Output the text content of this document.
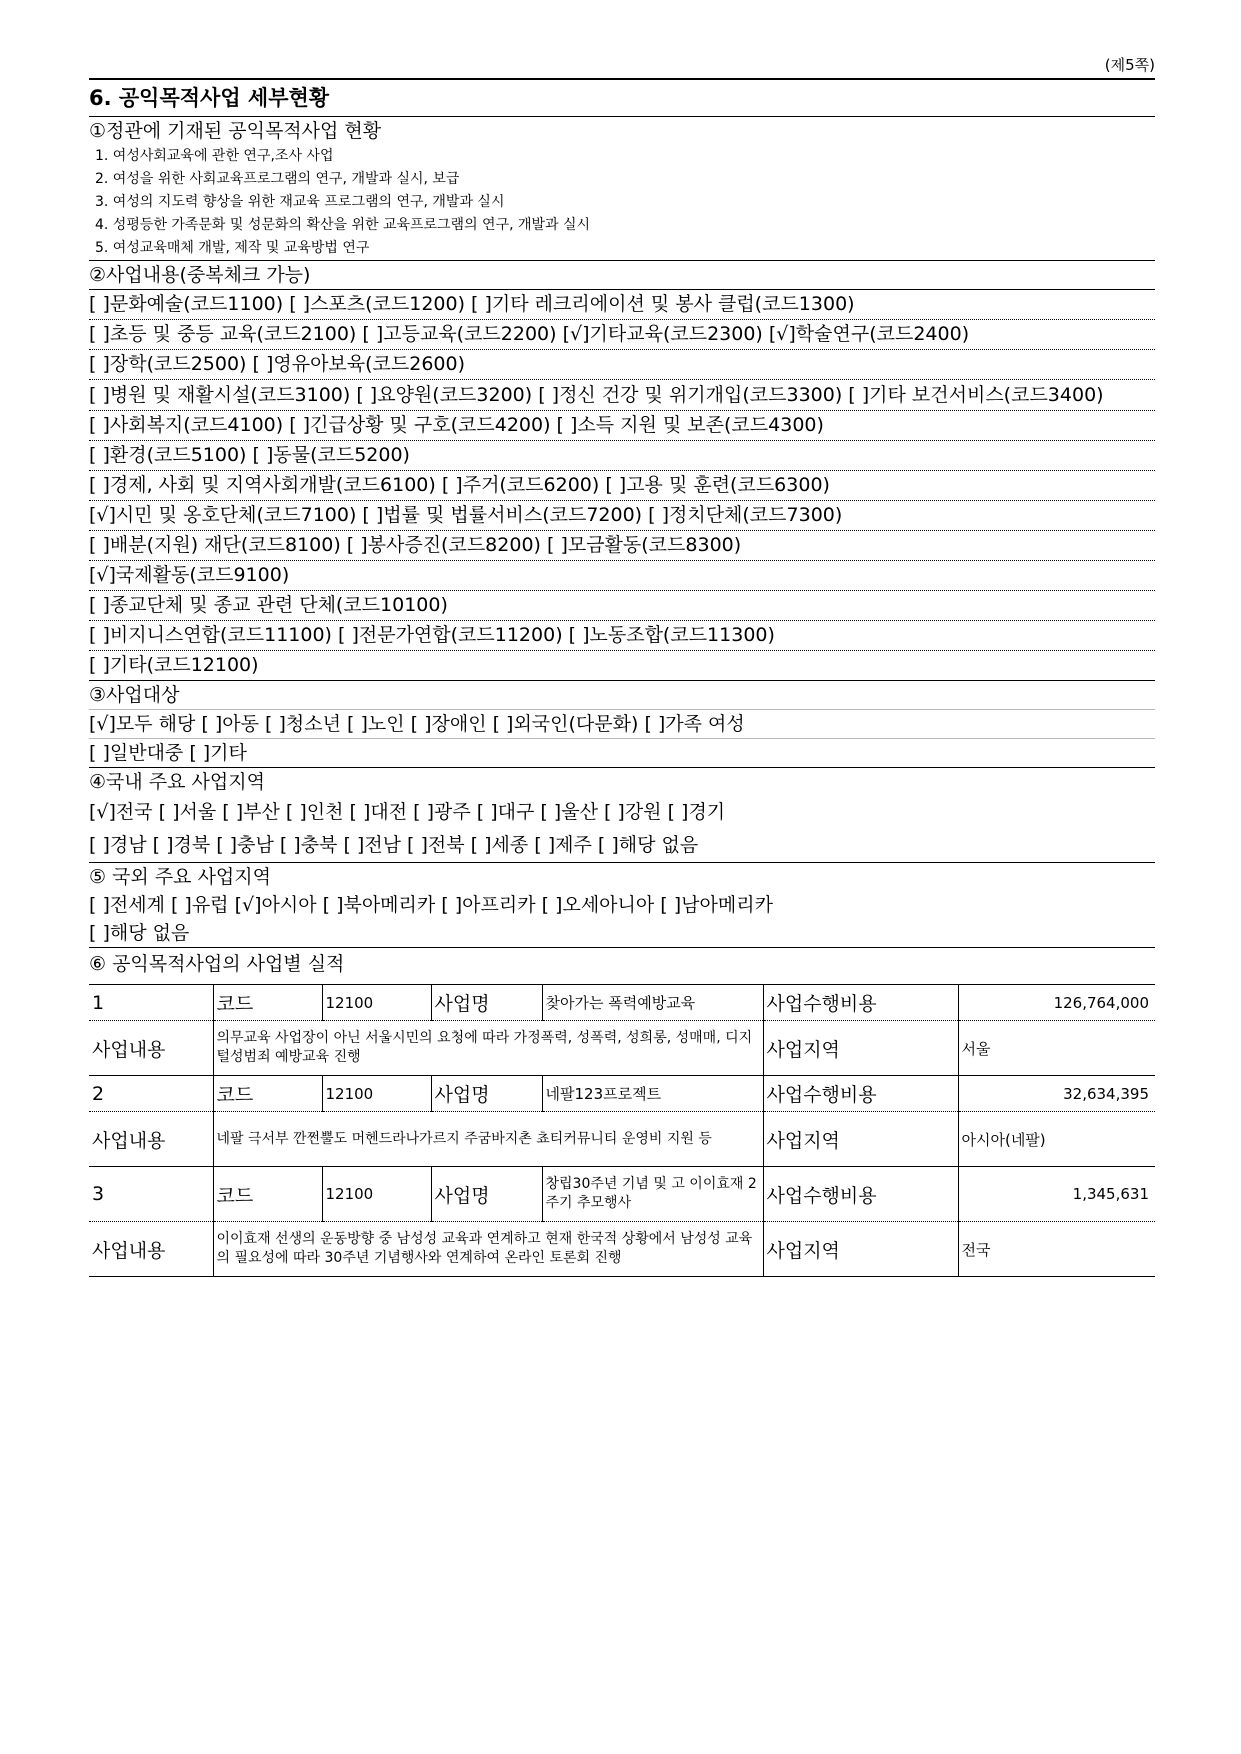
(제5쪽)
6. 공익목적사업 세부현황
①정관에 기재된 공익목적사업 현황
1. 여성사회교육에 관한 연구,조사 사업
2. 여성을 위한 사회교육프로그램의 연구, 개발과 실시, 보급
3. 여성의 지도력 향상을 위한 재교육 프로그램의 연구, 개발과 실시
4. 성평등한 가족문화 및 성문화의 확산을 위한 교육프로그램의 연구, 개발과 실시
5. 여성교육매체 개발, 제작 및 교육방법 연구
②사업내용(중복체크 가능)
[ ]문화예술(코드1100) [ ]스포츠(코드1200) [ ]기타 레크리에이션 및 봉사 클럽(코드1300)
[ ]초등 및 중등 교육(코드2100) [ ]고등교육(코드2200) [√]기타교육(코드2300) [√]학술연구(코드2400)
[ ]장학(코드2500) [ ]영유아보육(코드2600)
[ ]병원 및 재활시설(코드3100) [ ]요양원(코드3200) [ ]정신 건강 및 위기개입(코드3300) [ ]기타 보건서비스(코드3400)
[ ]사회복지(코드4100) [ ]긴급상황 및 구호(코드4200) [ ]소득 지원 및 보존(코드4300)
[ ]환경(코드5100) [ ]동물(코드5200)
[ ]경제, 사회 및 지역사회개발(코드6100) [ ]주거(코드6200) [ ]고용 및 훈련(코드6300)
[√]시민 및 옹호단체(코드7100) [ ]법률 및 법률서비스(코드7200) [ ]정치단체(코드7300)
[ ]배분(지원) 재단(코드8100) [ ]봉사증진(코드8200) [ ]모금활동(코드8300)
[√]국제활동(코드9100)
[ ]종교단체 및 종교 관련 단체(코드10100)
[ ]비지니스연합(코드11100) [ ]전문가연합(코드11200) [ ]노동조합(코드11300)
[ ]기타(코드12100)
③사업대상
[√]모두 해당 [ ]아동 [ ]청소년 [ ]노인 [ ]장애인 [ ]외국인(다문화) [ ]가족 여성
[ ]일반대중 [ ]기타
④국내 주요 사업지역
[√]전국 [ ]서울 [ ]부산 [ ]인천 [ ]대전 [ ]광주 [ ]대구 [ ]울산 [ ]강원 [ ]경기
[ ]경남 [ ]경북 [ ]충남 [ ]충북 [ ]전남 [ ]전북 [ ]세종 [ ]제주 [ ]해당 없음
⑤ 국외 주요 사업지역
[ ]전세계 [ ]유럽 [√]아시아 [ ]북아메리카 [ ]아프리카 [ ]오세아니아 [ ]남아메리카
[ ]해당 없음
⑥ 공익목적사업의 사업별 실적
1	코드	12100	사업명	찾아가는 폭력예방교육	사업수행비용	126,764,000
사업내용	의무교육 사업장이 아닌 서울시민의 요청에 따라 가정폭력, 성폭력, 성희롱, 성매매, 디지털성범죄 예방교육 진행				사업지역	서울
2	코드	12100	사업명	네팔123프로젝트	사업수행비용	32,634,395
사업내용	네팔 극서부 깐쩐뿔도 머헨드라나가르지 주굼바지촌 쵸티커뮤니티 운영비 지원 등				사업지역	아시아(네팔)
3	코드	12100	사업명	창립30주년 기념 및 고 이이효재 2주기 추모행사	사업수행비용	1,345,631
사업내용	이이효재 선생의 운동방향 중 남성성 교육과 연계하고 현재 한국적 상황에서 남성성 교육의 필요성에 따라 30주년 기념행사와 연계하여 온라인 토론회 진행				사업지역	전국
